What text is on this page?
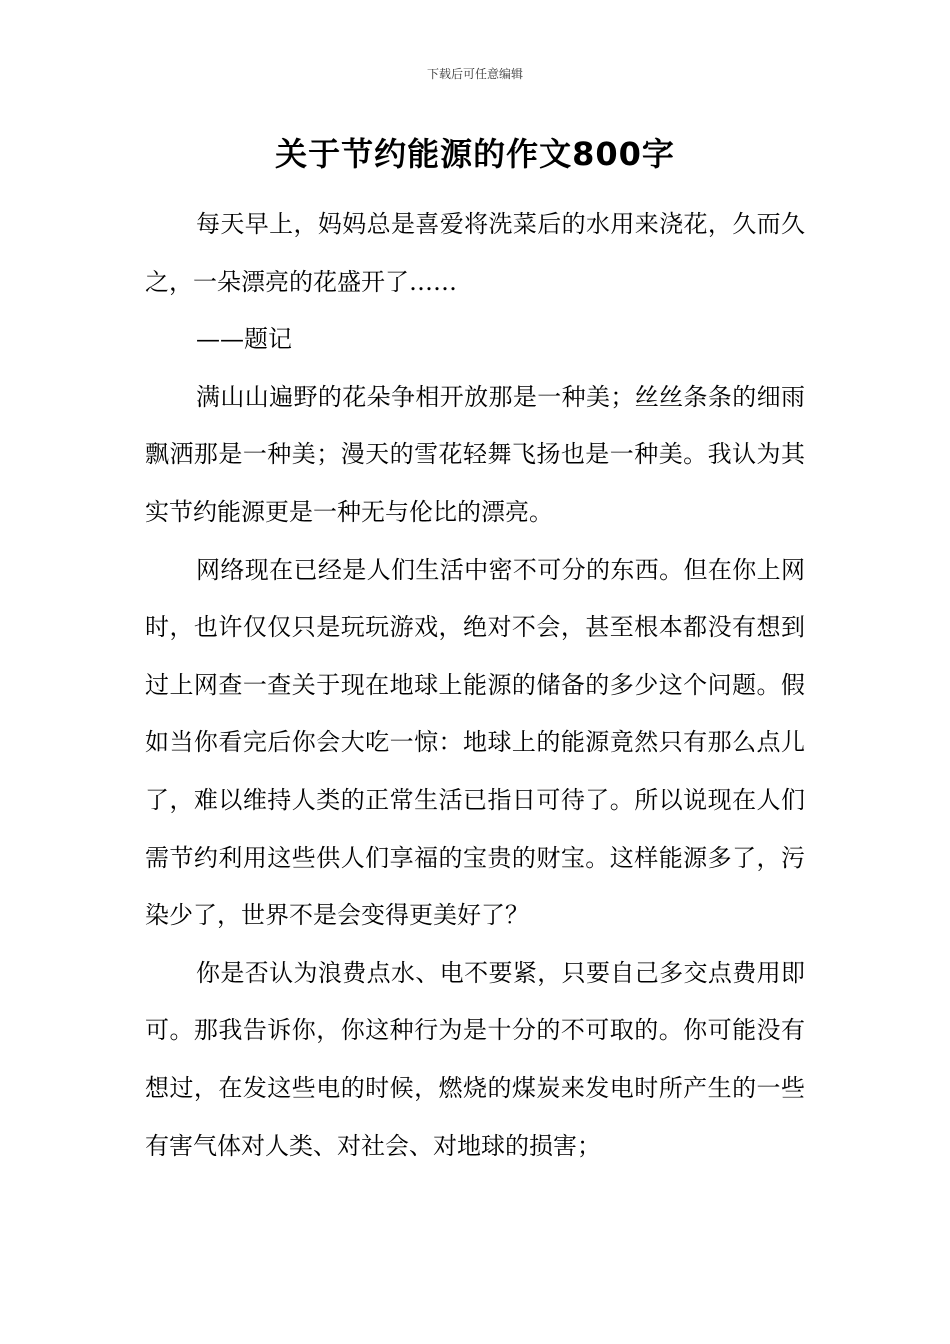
下载后可任意编辑
关于节约能源的作文800字

每天早上，妈妈总是喜爱将洗菜后的水用来浇花，久而久之，一朵漂亮的花盛开了……

——题记

满山山遍野的花朵争相开放那是一种美；丝丝条条的细雨飘洒那是一种美；漫天的雪花轻舞飞扬也是一种美。我认为其实节约能源更是一种无与伦比的漂亮。

网络现在已经是人们生活中密不可分的东西。但在你上网时，也许仅仅只是玩玩游戏，绝对不会，甚至根本都没有想到过上网查一查关于现在地球上能源的储备的多少这个问题。假如当你看完后你会大吃一惊：地球上的能源竟然只有那么点儿了，难以维持人类的正常生活已指日可待了。所以说现在人们需节约利用这些供人们享福的宝贵的财宝。这样能源多了，污染少了，世界不是会变得更美好了？

你是否认为浪费点水、电不要紧，只要自己多交点费用即可。那我告诉你，你这种行为是十分的不可取的。你可能没有想过，在发这些电的时候，燃烧的煤炭来发电时所产生的一些有害气体对人类、对社会、对地球的损害；
